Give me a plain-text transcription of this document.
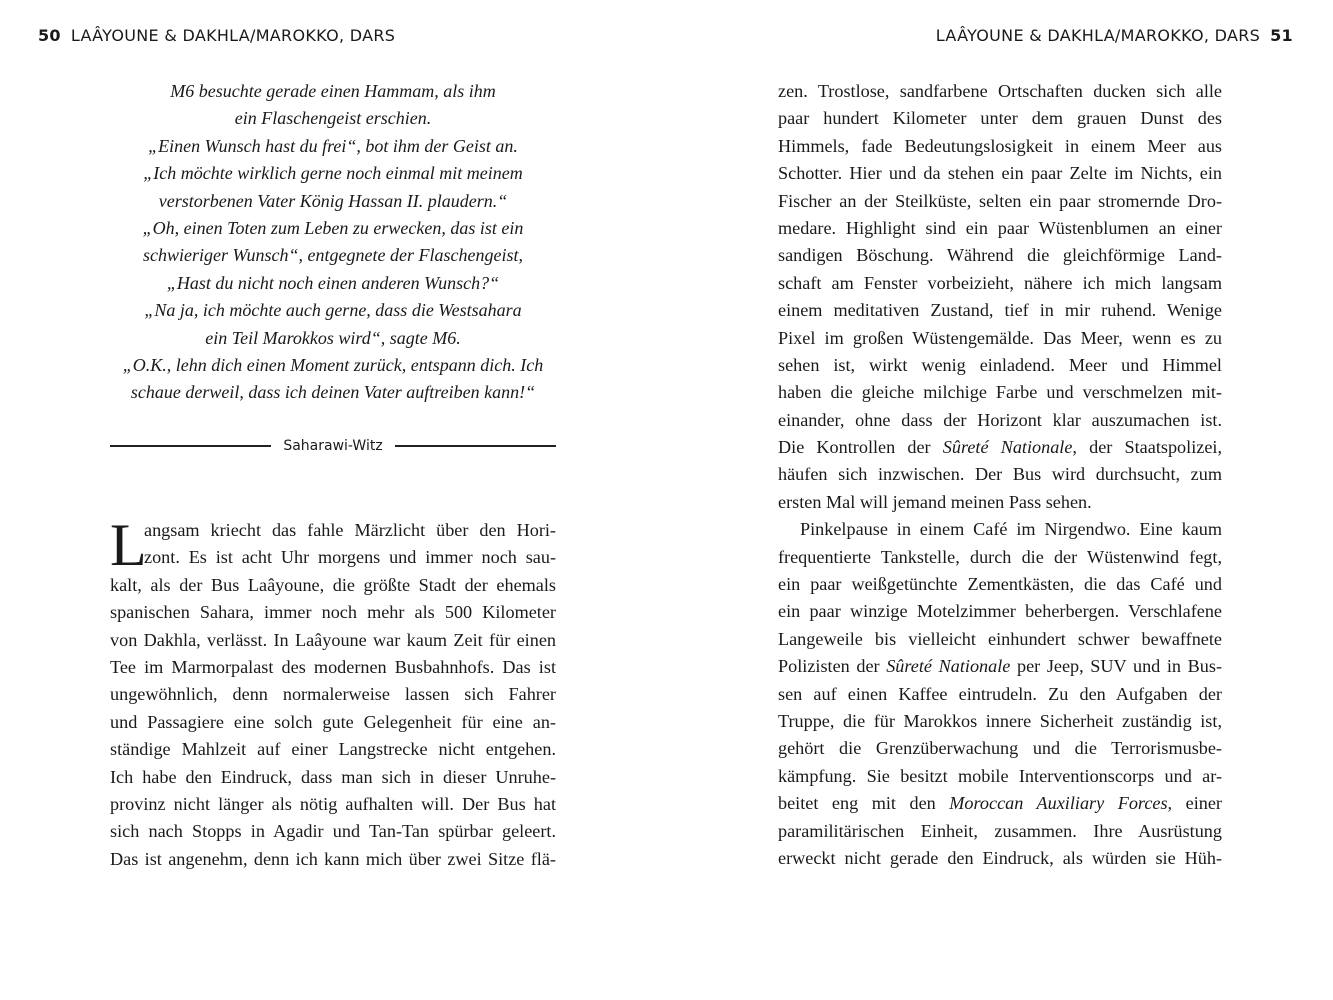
50 LAÂYOUNE & DAKHLA/MAROKKO, DARS	LAÂYOUNE & DAKHLA/MAROKKO, DARS 51
M6 besuchte gerade einen Hammam, als ihm
ein Flaschengeist erschien.
„Einen Wunsch hast du frei“, bot ihm der Geist an.
„Ich möchte wirklich gerne noch einmal mit meinem
verstorbenen Vater König Hassan II. plaudern.“
„Oh, einen Toten zum Leben zu erwecken, das ist ein
schwieriger Wunsch“, entgegnete der Flaschengeist,
„Hast du nicht noch einen anderen Wunsch?“
„Na ja, ich möchte auch gerne, dass die Westsahara
ein Teil Marokkos wird“, sagte M6.
„O.K., lehn dich einen Moment zurück, entspann dich. Ich
schaue derweil, dass ich deinen Vater auftreiben kann!“
Saharawi-Witz
L
angsam kriecht das fahle Märzlicht über den Hori-
zont. Es ist acht Uhr morgens und immer noch sau-
kalt, als der Bus Laâyoune, die größte Stadt der ehemals
spanischen Sahara, immer noch mehr als 500 Kilometer
von Dakhla, verlässt. In Laâyoune war kaum Zeit für einen
Tee im Marmorpalast des modernen Busbahnhofs. Das ist
ungewöhnlich, denn normalerweise lassen sich Fahrer
und Passagiere eine solch gute Gelegenheit für eine an-
ständige Mahlzeit auf einer Langstrecke nicht entgehen.
Ich habe den Eindruck, dass man sich in dieser Unruhe-
provinz nicht länger als nötig aufhalten will. Der Bus hat
sich nach Stopps in Agadir und Tan-Tan spürbar geleert.
Das ist angenehm, denn ich kann mich über zwei Sitze flä-
zen. Trostlose, sandfarbene Ortschaften ducken sich alle
paar hundert Kilometer unter dem grauen Dunst des
Himmels, fade Bedeutungslosigkeit in einem Meer aus
Schotter. Hier und da stehen ein paar Zelte im Nichts, ein
Fischer an der Steilküste, selten ein paar stromernde Dro-
medare. Highlight sind ein paar Wüstenblumen an einer
sandigen Böschung. Während die gleichförmige Land-
schaft am Fenster vorbeizieht, nähere ich mich langsam
einem meditativen Zustand, tief in mir ruhend. Wenige
Pixel im großen Wüstengemälde. Das Meer, wenn es zu
sehen ist, wirkt wenig einladend. Meer und Himmel
haben die gleiche milchige Farbe und verschmelzen mit-
einander, ohne dass der Horizont klar auszumachen ist.
Die Kontrollen der Sûreté Nationale, der Staatspolizei,
häufen sich inzwischen. Der Bus wird durchsucht, zum
ersten Mal will jemand meinen Pass sehen.
Pinkelpause in einem Café im Nirgendwo. Eine kaum
frequentierte Tankstelle, durch die der Wüstenwind fegt,
ein paar weißgetünchte Zementkästen, die das Café und
ein paar winzige Motelzimmer beherbergen. Verschlafene
Langeweile bis vielleicht einhundert schwer bewaffnete
Polizisten der Sûreté Nationale per Jeep, SUV und in Bus-
sen auf einen Kaffee eintrudeln. Zu den Aufgaben der
Truppe, die für Marokkos innere Sicherheit zuständig ist,
gehört die Grenzüberwachung und die Terrorismusbe-
kämpfung. Sie besitzt mobile Interventionscorps und ar-
beitet eng mit den Moroccan Auxiliary Forces, einer
paramilitärischen Einheit, zusammen. Ihre Ausrüstung
erweckt nicht gerade den Eindruck, als würden sie Hüh-
